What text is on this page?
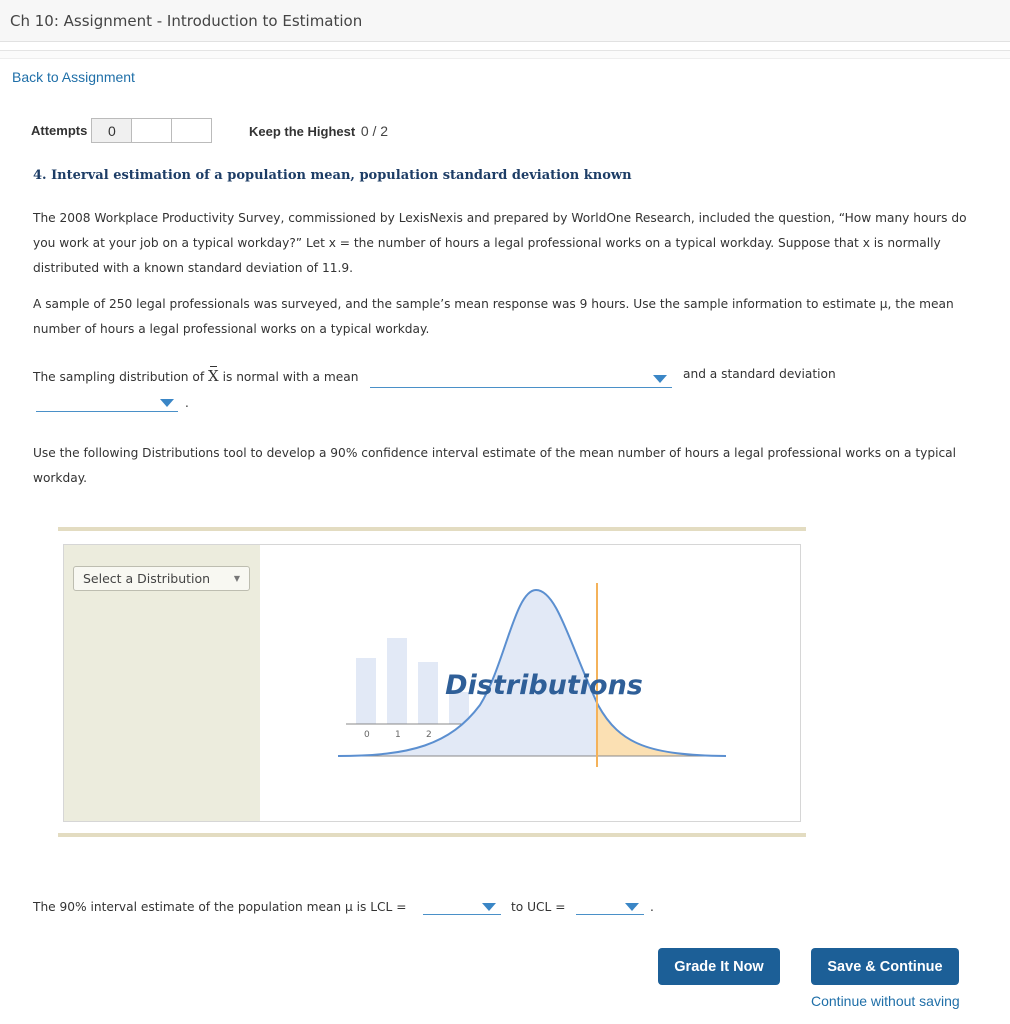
Ch 10: Assignment - Introduction to Estimation
Back to Assignment
Attempts	0	Keep the Highest 0 / 2
4. Interval estimation of a population mean, population standard deviation known

The 2008 Workplace Productivity Survey, commissioned by LexisNexis and prepared by WorldOne Research, included the question, “How many hours do you work at your job on a typical workday?” Let x = the number of hours a legal professional works on a typical workday. Suppose that x is normally distributed with a known standard deviation of 11.9.

A sample of 250 legal professionals was surveyed, and the sample’s mean response was 9 hours. Use the sample information to estimate μ, the mean number of hours a legal professional works on a typical workday.

The sampling distribution of X is normal with a mean	and a standard deviation
.

Use the following Distributions tool to develop a 90% confidence interval estimate of the mean number of hours a legal professional works on a typical workday.

Select a Distribution	▼
0	1	2
Distributions
The 90% interval estimate of the population mean μ is LCL =	to UCL =	.
Grade It Now	Save & Continue
Continue without saving
